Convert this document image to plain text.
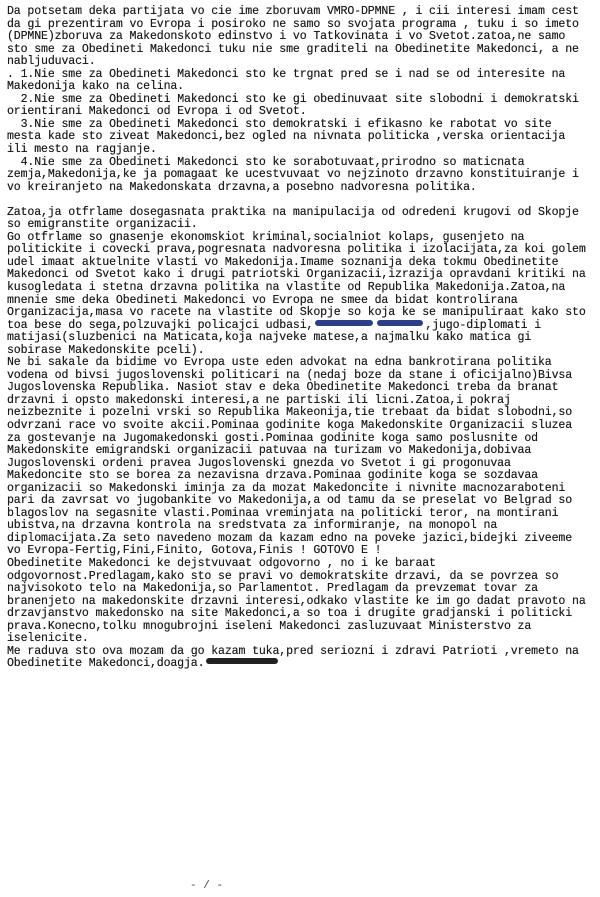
Da potsetam deka partijata vo cie ime zboruvam VMRO-DPMNE , i cii interesi imam cest da gi prezentiram vo Evropa i posiroko ne samo so svojata programa , tuku i so imeto (DPMNE)zboruva za Makedonskoto edinstvo i vo Tatkovinata i vo Svetot.zatoa,ne samo sto sme za Obedineti Makedonci tuku nie sme graditeli na Obedinetite Makedonci, a ne nabljuduvaci.

. 1.Nie sme za Obedineti Makedonci sto ke trgnat pred se i nad se od interesite na Makedonija kako na celina.

2.Nie sme za Obedineti Makedonci sto ke gi obedinuvaat site slobodni i demokratski orientirani Makedonci od Evropa i od Svetot.

3.Nie sme za Obedineti Makedonci sto demokratski i efikasno ke rabotat vo site mesta kade sto ziveat Makedonci,bez ogled na nivnata politicka ,verska orientacija ili mesto na ragjanje.

4.Nie sme za Obedineti Makedonci sto ke sorabotuvaat,prirodno so maticnata zemja,Makedonija,ke ja pomagaat ke ucestvuvaat vo nejzinoto drzavno konstituiranje i vo kreiranjeto na Makedonskata drzavna,a posebno nadvoresna politika.

Zatoa,ja otfrlame dosegasnata praktika na manipulacija od odredeni krugovi od Skopje so emigranstite organizacii.

Go otfrlame so gnasenje ekonomskiot kriminal,socialniot kolaps, gusenjeto na politickite i covecki prava,pogresnata nadvoresna politika i izolacijata,za koi golem udel imaat aktuelnite vlasti vo Makedonija.Imame soznanija deka tokmu Obedinetite Makedonci od Svetot kako i drugi patriotski Organizacii,izrazija opravdani kritiki na kusogledata i stetna drzavna politika na vlastite od Republika Makedonija.Zatoa,na mnenie sme deka Obedineti Makedonci vo Evropa ne smee da bidat kontrolirana Organizacija,masa vo racete na vlastite od Skopje so koja ke se manipuliraat kako sto toa bese do sega,polzuvajki policajci udbasi,	,jugo-diplomati i matijasi(sluzbenici na Maticata,koja najveke matese,a najmalku kako matica gi sobirase Makedonskite pceli).

Ne bi sakale da bidime vo Evropa uste eden advokat na edna bankrotirana politika vodena od bivsi jugoslovenski politicari na (nedaj boze da stane i oficijalno)Bivsa Jugoslovenska Republika. Nasiot stav e deka Obedinetite Makedonci treba da branat drzavni i opsto makedonski interesi,a ne partiski ili licni.Zatoa,i pokraj neizbeznite i pozelni vrski so Republika Makeonija,tie trebaat da bidat slobodni,so odvrzani race vo svoite akcii.Pominaa godinite koga Makedonskite Organizacii sluzea za gostevanje na Jugomakedonski gosti.Pominaa godinite koga samo poslusnite od Makedonskite emigrandski organizacii patuvaa na turizam vo Makedonija,dobivaa Jugoslovenski ordeni pravea Jugoslovenski gnezda vo Svetot i gi progonuvaa Makedoncite sto se borea za nezavisna drzava.Pominaa godinite koga se sozdavaa organizacii so Makedonski iminja za da mozat Makedoncite i nivnite macnozaraboteni pari da zavrsat vo jugobankite vo Makedonija,a od tamu da se preselat vo Belgrad so blagoslov na segasnite vlasti.Pominaa vreminjata na politicki teror, na montirani ubistva,na drzavna kontrola na sredstvata za informiranje, na monopol na diplomacijata.Za seto navedeno mozam da kazam edno na poveke jazici,bidejki ziveeme vo Evropa-Fertig,Fini,Finito, Gotova,Finis ! GOTOVO E !

Obedinetite Makedonci ke dejstvuvaat odgovorno , no i ke baraat odgovornost.Predlagam,kako sto se pravi vo demokratskite drzavi, da se povrzea so najvisokoto telo na Makedonija,so Parlamentot. Predlagam da prevzemat tovar za branenjeto na makedonskite drzavni interesi,odkako vlastite ke im go dadat pravoto na drzavjanstvo makedonsko na site Makedonci,a so toa i drugite gradjanski i politicki prava.Konecno,tolku mnogubrojni iseleni Makedonci zasluzuvaat Ministerstvo za iselenicite.

Me raduva sto ova mozam da go kazam tuka,pred seriozni i zdravi Patrioti ,vremeto na Obedinetite Makedonci,doagja.

- / -
